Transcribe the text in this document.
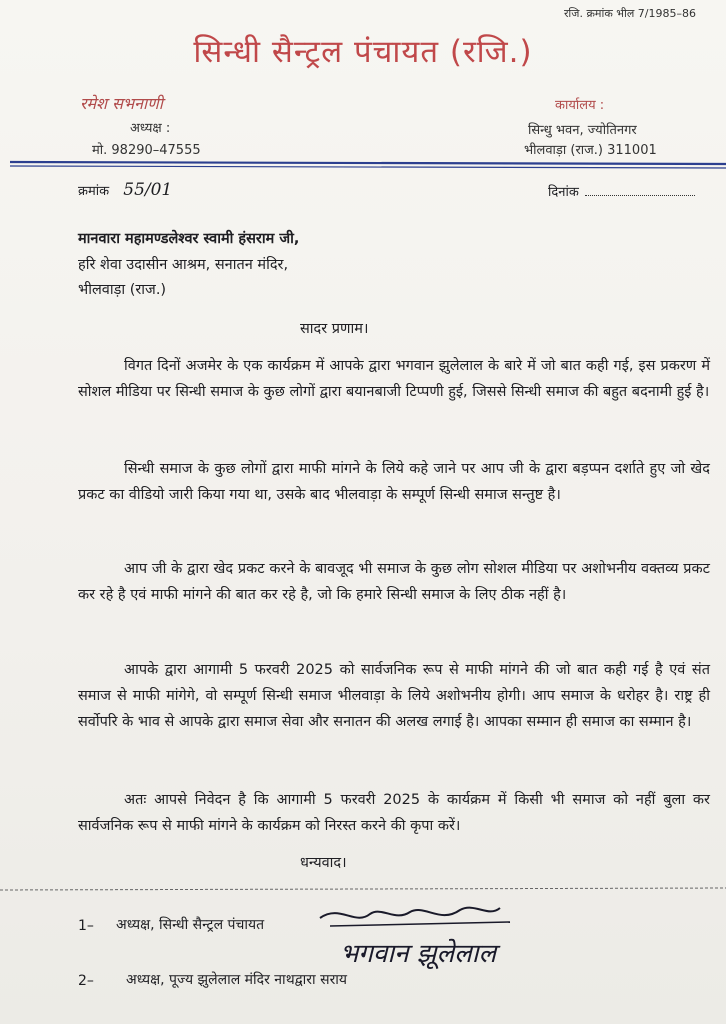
रजि. क्रमांक भील 7/1985–86
सिन्धी सैन्ट्रल पंचायत (रजि.)
रमेश सभनाणी
अध्यक्ष :
मो. 98290–47555
कार्यालय :
सिन्धु भवन, ज्योतिनगर
भीलवाड़ा (राज.) 311001
क्रमांक 55/01	दिनांक
मानवारा महामण्डलेश्वर स्वामी हंसराम जी,
हरि शेवा उदासीन आश्रम, सनातन मंदिर,
भीलवाड़ा (राज.)
सादर प्रणाम।

विगत दिनों अजमेर के एक कार्यक्रम में आपके द्वारा भगवान झुलेलाल के बारे में जो बात कही गई, इस प्रकरण में सोशल मीडिया पर सिन्धी समाज के कुछ लोगों द्वारा बयानबाजी टिप्पणी हुई, जिससे सिन्धी समाज की बहुत बदनामी हुई है।

सिन्धी समाज के कुछ लोगों द्वारा माफी मांगने के लिये कहे जाने पर आप जी के द्वारा बड़प्पन दर्शाते हुए जो खेद प्रकट का वीडियो जारी किया गया था, उसके बाद भीलवाड़ा के सम्पूर्ण सिन्धी समाज सन्तुष्ट है।

आप जी के द्वारा खेद प्रकट करने के बावजूद भी समाज के कुछ लोग सोशल मीडिया पर अशोभनीय वक्तव्य प्रकट कर रहे है एवं माफी मांगने की बात कर रहे है, जो कि हमारे सिन्धी समाज के लिए ठीक नहीं है।

आपके द्वारा आगामी 5 फरवरी 2025 को सार्वजनिक रूप से माफी मांगने की जो बात कही गई है एवं संत समाज से माफी मांगेगे, वो सम्पूर्ण सिन्धी समाज भीलवाड़ा के लिये अशोभनीय होगी। आप समाज के धरोहर है। राष्ट्र ही सर्वोपरि के भाव से आपके द्वारा समाज सेवा और सनातन की अलख लगाई है। आपका सम्मान ही समाज का सम्मान है।

अतः आपसे निवेदन है कि आगामी 5 फरवरी 2025 के कार्यक्रम में किसी भी समाज को नहीं बुला कर सार्वजनिक रूप से माफी मांगने के कार्यक्रम को निरस्त करने की कृपा करें।

धन्यवाद।
1– अध्यक्ष, सिन्धी सैन्ट्रल पंचायत
2– अध्यक्ष, पूज्य झुलेलाल मंदिर नाथद्वारा सराय
भगवान झूलेलाल
